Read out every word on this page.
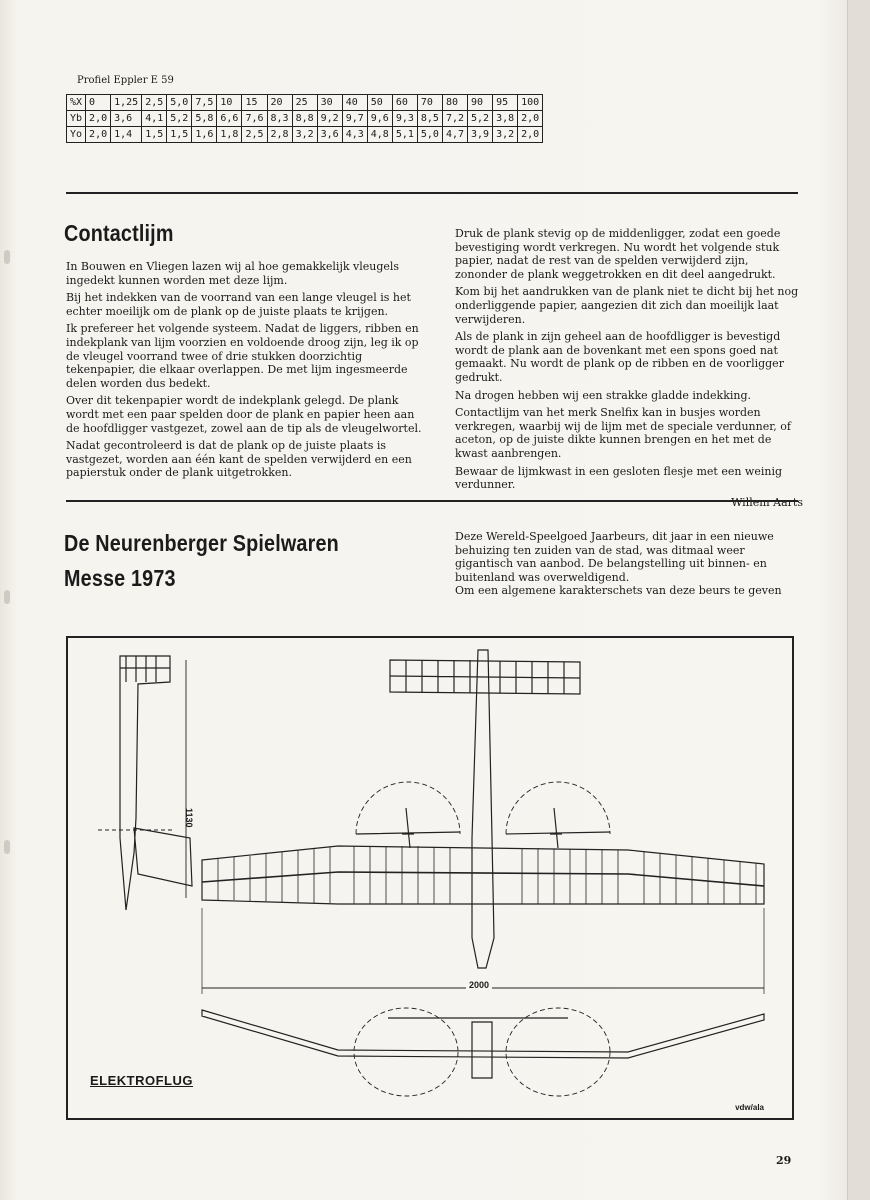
Profiel Eppler E 59
%X	0	1,25	2,5	5,0	7,5	10	15	20	25	30	40	50	60	70	80	90	95	100
Yb	2,0	3,6	4,1	5,2	5,8	6,6	7,6	8,3	8,8	9,2	9,7	9,6	9,3	8,5	7,2	5,2	3,8	2,0
Yo	2,0	1,4	1,5	1,5	1,6	1,8	2,5	2,8	3,2	3,6	4,3	4,8	5,1	5,0	4,7	3,9	3,2	2,0
Contactlijm

In Bouwen en Vliegen lazen wij al hoe gemakkelijk vleugels ingedekt kunnen worden met deze lijm.

Bij het indekken van de voorrand van een lange vleugel is het echter moeilijk om de plank op de juiste plaats te krijgen.

Ik prefereer het volgende systeem. Nadat de liggers, ribben en indekplank van lijm voorzien en voldoende droog zijn, leg ik op de vleugel voorrand twee of drie stukken doorzichtig tekenpapier, die elkaar overlappen. De met lijm ingesmeerde delen worden dus bedekt.

Over dit tekenpapier wordt de indekplank gelegd. De plank wordt met een paar spelden door de plank en papier heen aan de hoofdligger vastgezet, zowel aan de tip als de vleugelwortel.

Nadat gecontroleerd is dat de plank op de juiste plaats is vastgezet, worden aan één kant de spelden verwijderd en een papierstuk onder de plank uitgetrokken.

Druk de plank stevig op de middenligger, zodat een goede bevestiging wordt verkregen. Nu wordt het volgende stuk papier, nadat de rest van de spelden verwijderd zijn, zononder de plank weggetrokken en dit deel aangedrukt.

Kom bij het aandrukken van de plank niet te dicht bij het nog onderliggende papier, aangezien dit zich dan moeilijk laat verwijderen.

Als de plank in zijn geheel aan de hoofdligger is bevestigd wordt de plank aan de bovenkant met een spons goed nat gemaakt. Nu wordt de plank op de ribben en de voorligger gedrukt.

Na drogen hebben wij een strakke gladde indekking.

Contactlijm van het merk Snelfix kan in busjes worden verkregen, waarbij wij de lijm met de speciale verdunner, of aceton, op de juiste dikte kunnen brengen en het met de kwast aanbrengen.

Bewaar de lijmkwast in een gesloten flesje met een weinig verdunner.

Willem Aarts

De Neurenberger Spielwaren
Messe 1973

Deze Wereld-Speelgoed Jaarbeurs, dit jaar in een nieuwe behuizing ten zuiden van de stad, was ditmaal weer gigantisch van aanbod. De belangstelling uit binnen- en buitenland was overweldigend.

Om een algemene karakterschets van deze beurs te geven

1130
2000
ELEKTROFLUG
vdw/ala
29
